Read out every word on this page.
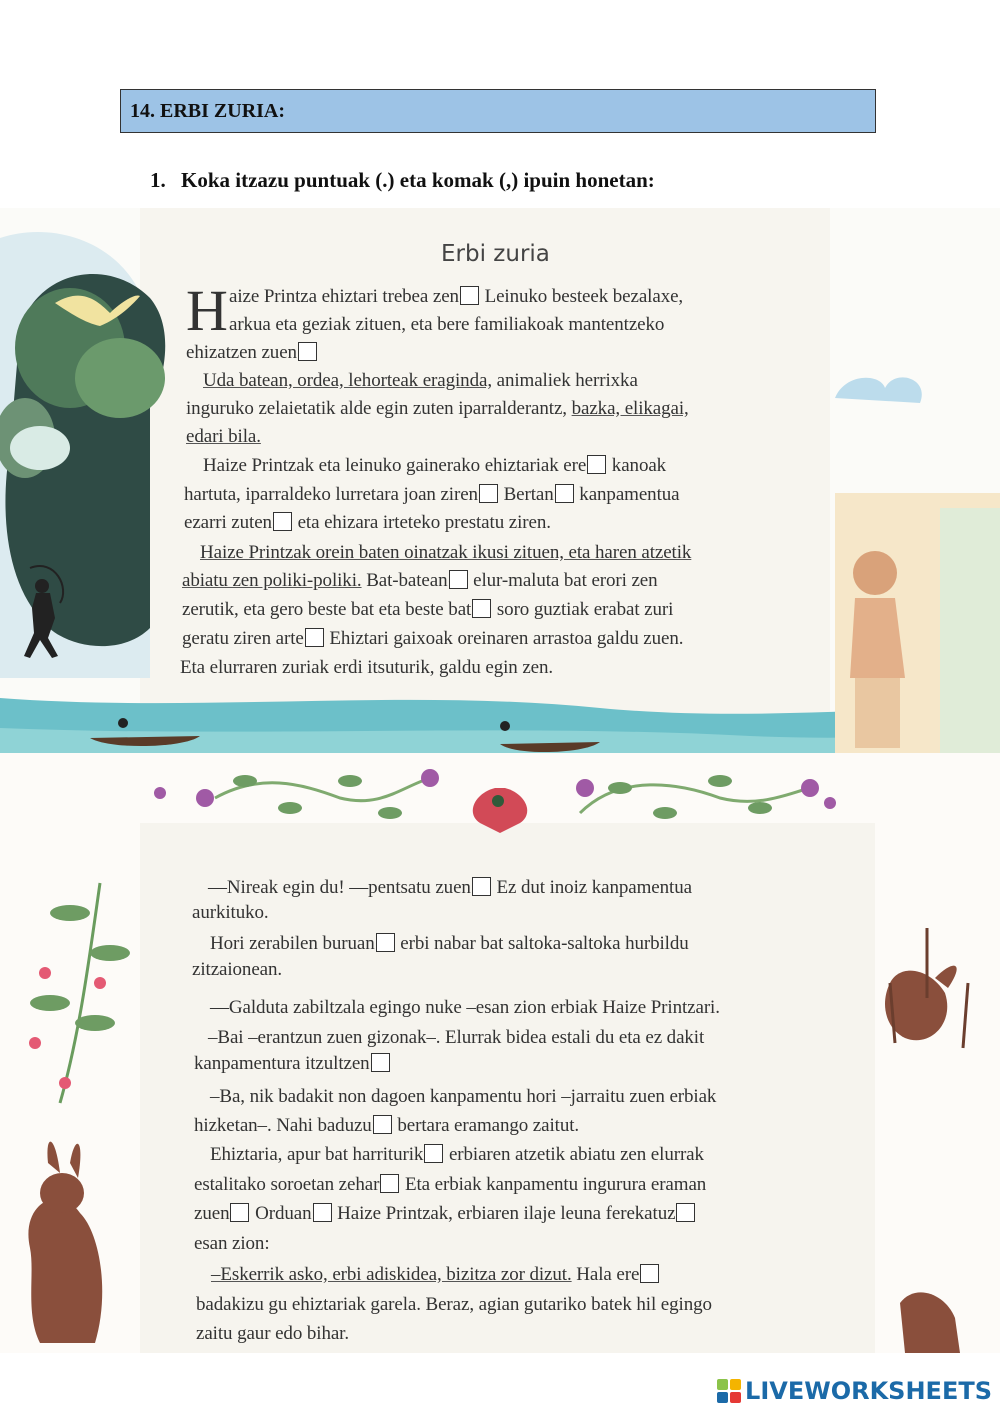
14. ERBI ZURIA:
1. Koka itzazu puntuak (.) eta komak (,) ipuin honetan:
Erbi zuria
H aize Printza ehiztari trebea zen Leinuko besteek bezalaxe,
arkua eta geziak zituen, eta bere familiakoak mantentzeko
ehizatzen zuen
Uda batean, ordea, lehorteak eraginda, animaliek herrixka
inguruko zelaietatik alde egin zuten iparralderantz, bazka, elikagai,
edari bila.
Haize Printzak eta leinuko gainerako ehiztariak ere kanoak
hartuta, iparraldeko lurretara joan ziren Bertan kanpamentua
ezarri zuten eta ehizara irteteko prestatu ziren.
Haize Printzak orein baten oinatzak ikusi zituen, eta haren atzetik
abiatu zen poliki-poliki. Bat-batean elur-maluta bat erori zen
zerutik, eta gero beste bat eta beste bat soro guztiak erabat zuri
geratu ziren arte Ehiztari gaixoak oreinaren arrastoa galdu zuen.
Eta elurraren zuriak erdi itsuturik, galdu egin zen.
—Nireak egin du! —pentsatu zuen Ez dut inoiz kanpamentua
aurkituko.
Hori zerabilen buruan erbi nabar bat saltoka-saltoka hurbildu
zitzaionean.
—Galduta zabiltzala egingo nuke –esan zion erbiak Haize Printzari.
–Bai –erantzun zuen gizonak–. Elurrak bidea estali du eta ez dakit
kanpamentura itzultzen
–Ba, nik badakit non dagoen kanpamentu hori –jarraitu zuen erbiak
hizketan–. Nahi baduzu bertara eramango zaitut.
Ehiztaria, apur bat harriturik erbiaren atzetik abiatu zen elurrak
estalitako soroetan zehar Eta erbiak kanpamentu ingurura eraman
zuen Orduan Haize Printzak, erbiaren ilaje leuna ferekatuz
esan zion:
–Eskerrik asko, erbi adiskidea, bizitza zor dizut. Hala ere
badakizu gu ehiztariak garela. Beraz, agian gutariko batek hil egingo
zaitu gaur edo bihar.
LIVEWORKSHEETS
